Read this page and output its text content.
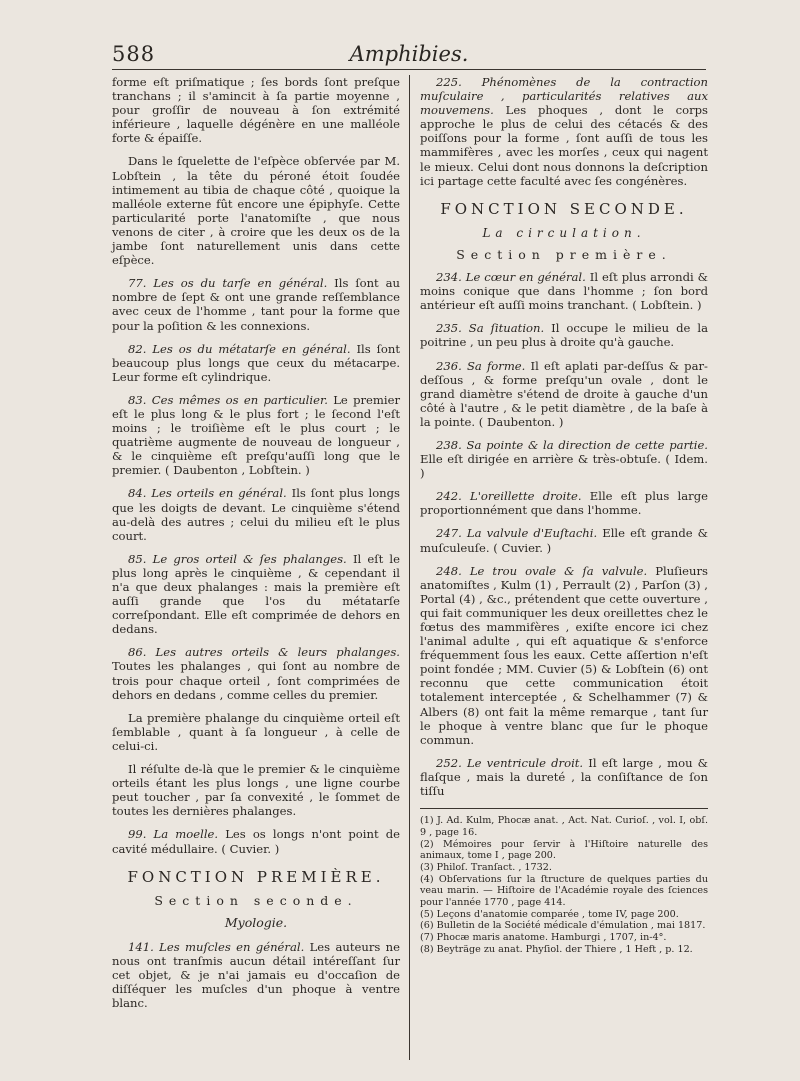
588	Amphibies.

forme eſt priſmatique ; ſes bords ſont preſque tranchans ; il s'amincit à ſa partie moyenne , pour groſſir de nouveau à ſon extrémité inférieure , laquelle dégénère en une malléole forte & épaiſſe.

Dans le ſquelette de l'eſpèce obſervée par M. Lobſtein , la tête du péroné étoit ſoudée intimement au tibia de chaque côté , quoique la malléole externe fût encore une épiphyſe. Cette particularité porte l'anatomiſte , que nous venons de citer , à croire que les deux os de la jambe ſont naturellement unis dans cette eſpèce.

77. Les os du tarſe en général. Ils ſont au nombre de ſept & ont une grande reſſemblance avec ceux de l'homme , tant pour la forme que pour la poſition & les connexions.

82. Les os du métatarſe en général. Ils ſont beaucoup plus longs que ceux du métacarpe. Leur forme eſt cylindrique.

83. Ces mêmes os en particulier. Le premier eſt le plus long & le plus fort ; le ſecond l'eſt moins ; le troiſième eſt le plus court ; le quatrième augmente de nouveau de longueur , & le cinquième eſt preſqu'auſſi long que le premier. ( Daubenton , Lobſtein. )

84. Les orteils en général. Ils ſont plus longs que les doigts de devant. Le cinquième s'étend au-delà des autres ; celui du milieu eſt le plus court.

85. Le gros orteil & ſes phalanges. Il eſt le plus long après le cinquième , & cependant il n'a que deux phalanges : mais la première eſt auſſi grande que l'os du métatarſe correſpondant. Elle eſt comprimée de dehors en dedans.

86. Les autres orteils & leurs phalanges. Toutes les phalanges , qui ſont au nombre de trois pour chaque orteil , ſont comprimées de dehors en dedans , comme celles du premier.

La première phalange du cinquième orteil eſt ſemblable , quant à ſa longueur , à celle de celui-ci.

Il réſulte de-là que le premier & le cinquième orteils étant les plus longs , une ligne courbe peut toucher , par ſa convexité , le ſommet de toutes les dernières phalanges.

99. La moelle. Les os longs n'ont point de cavité médullaire. ( Cuvier. )

FONCTION PREMIÈRE.
Section seconde.
Myologie.

141. Les muſcles en général. Les auteurs ne nous ont tranſmis aucun détail intéreſſant ſur cet objet, & je n'ai jamais eu d'occaſion de diſſéquer les muſcles d'un phoque à ventre blanc.

225. Phénomènes de la contraction muſculaire , particularités relatives aux mouvemens. Les phoques , dont le corps approche le plus de celui des cétacés & des poiſſons pour la forme , ſont auſſi de tous les mammifères , avec les morſes , ceux qui nagent le mieux. Celui dont nous donnons la deſcription ici partage cette faculté avec ſes congénères.

FONCTION SECONDE.
La circulation.
Section première.

234. Le cœur en général. Il eſt plus arrondi & moins conique que dans l'homme ; ſon bord antérieur eſt auſſi moins tranchant. ( Lobſtein. )

235. Sa ſituation. Il occupe le milieu de la poitrine , un peu plus à droite qu'à gauche.

236. Sa forme. Il eſt aplati par-deſſus & par-deſſous , & forme preſqu'un ovale , dont le grand diamètre s'étend de droite à gauche d'un côté à l'autre , & le petit diamètre , de la baſe à la pointe. ( Daubenton. )

238. Sa pointe & la direction de cette partie. Elle eſt dirigée en arrière & très-obtuſe. ( Idem. )

242. L'oreillette droite. Elle eſt plus large proportionnément que dans l'homme.

247. La valvule d'Euſtachi. Elle eſt grande & muſculeuſe. ( Cuvier. )

248. Le trou ovale & ſa valvule. Pluſieurs anatomiſtes , Kulm (1) , Perrault (2) , Parſon (3) , Portal (4) , &c., prétendent que cette ouverture , qui fait communiquer les deux oreillettes chez le fœtus des mammifères , exiſte encore ici chez l'animal adulte , qui eſt aquatique & s'enforce fréquemment ſous les eaux. Cette aſſertion n'eſt point fondée ; MM. Cuvier (5) & Lobſtein (6) ont reconnu que cette communication étoit totalement interceptée , & Schelhammer (7) & Albers (8) ont fait la même remarque , tant ſur le phoque à ventre blanc que ſur le phoque commun.

252. Le ventricule droit. Il eſt large , mou & flaſque , mais la dureté , la conſiſtance de ſon tiſſu

(1) J. Ad. Kulm, Phocæ anat. , Act. Nat. Curioſ. , vol. I, obſ. 9 , page 16.

(2) Mémoires pour ſervir à l'Hiſtoire naturelle des animaux, tome I , page 200.

(3) Philoſ. Tranſact. , 1732.

(4) Obſervations ſur la ſtructure de quelques parties du veau marin. — Hiſtoire de l'Académie royale des ſciences pour l'année 1770 , page 414.

(5) Leçons d'anatomie comparée , tome IV, page 200.

(6) Bulletin de la Société médicale d'émulation , mai 1817.

(7) Phocæ maris anatome. Hamburgi , 1707, in-4°.

(8) Beyträge zu anat. Phyſiol. der Thiere , 1 Heft , p. 12.
